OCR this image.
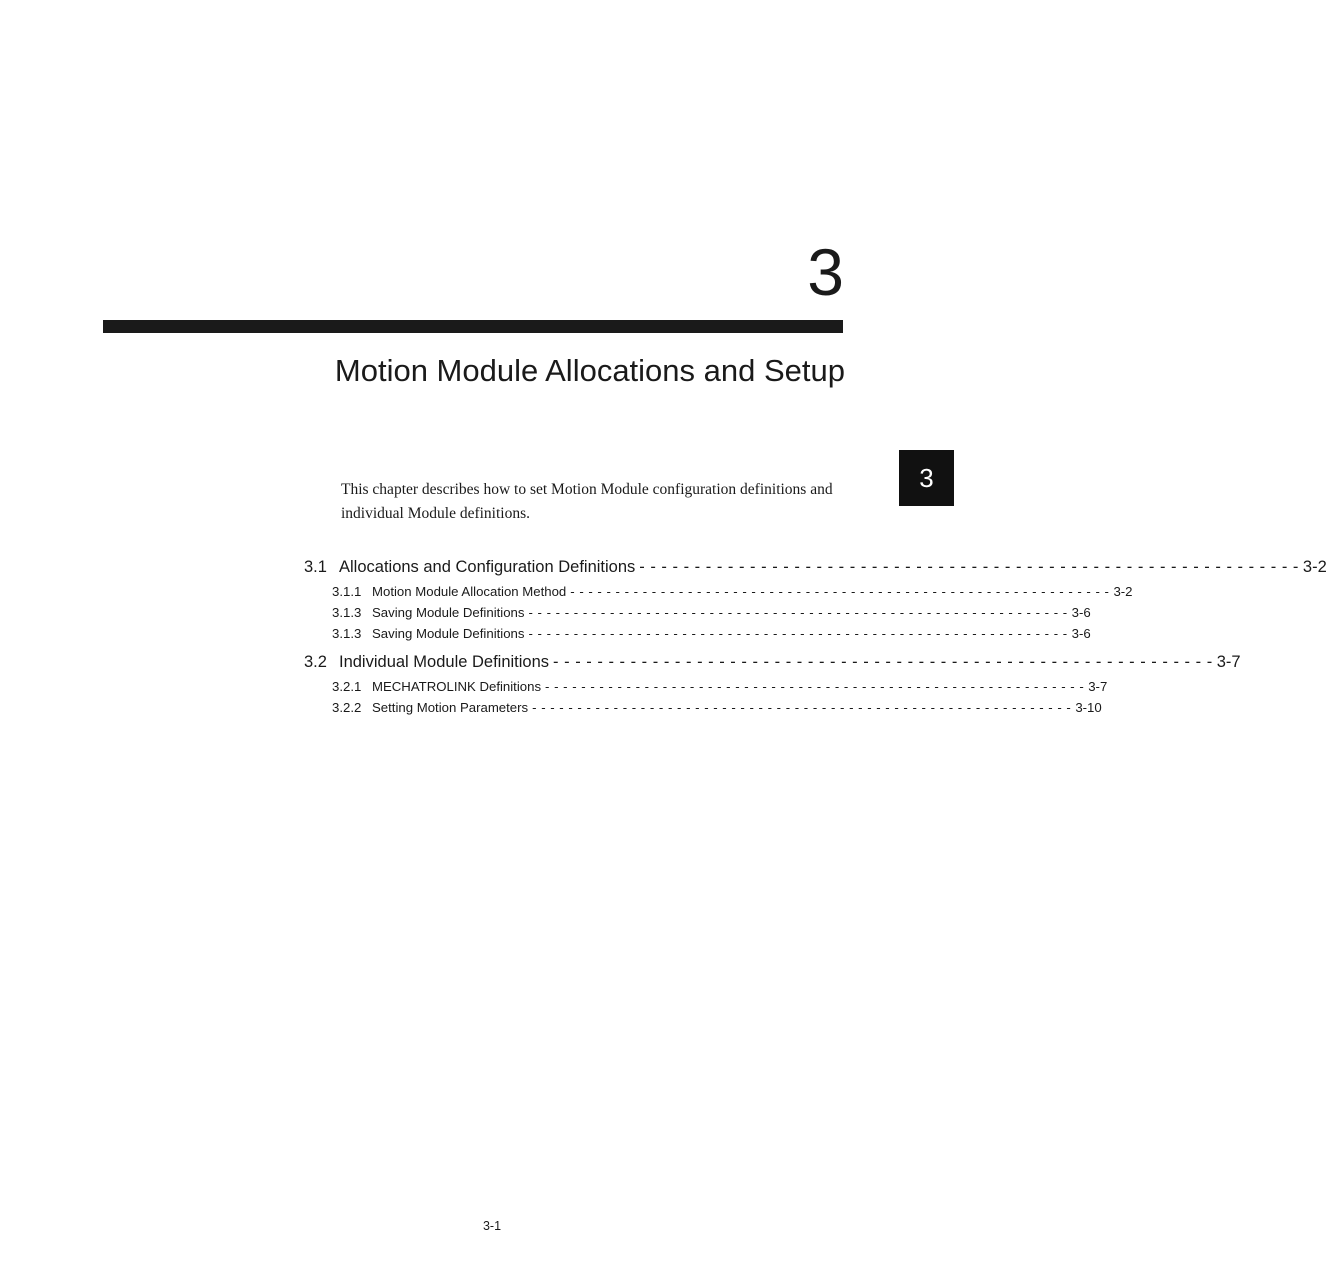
3
Motion Module Allocations and Setup
3

This chapter describes how to set Motion Module configuration definitions and individual Module definitions.

3.1 Allocations and Configuration Definitions - - - - - - - - - - - - - - - - - - - - - - - - - - - - - - - - - - - - - - - - - - - - - - - - - - - - - - - - - - - - 3-2
3.1.1 Motion Module Allocation Method - - - - - - - - - - - - - - - - - - - - - - - - - - - - - - - - - - - - - - - - - - - - - - - - - - - - - - - - - - - - 3-2
3.1.3 Saving Module Definitions - - - - - - - - - - - - - - - - - - - - - - - - - - - - - - - - - - - - - - - - - - - - - - - - - - - - - - - - - - - - 3-6
3.1.3 Saving Module Definitions - - - - - - - - - - - - - - - - - - - - - - - - - - - - - - - - - - - - - - - - - - - - - - - - - - - - - - - - - - - - 3-6
3.2 Individual Module Definitions - - - - - - - - - - - - - - - - - - - - - - - - - - - - - - - - - - - - - - - - - - - - - - - - - - - - - - - - - - - - 3-7
3.2.1 MECHATROLINK Definitions - - - - - - - - - - - - - - - - - - - - - - - - - - - - - - - - - - - - - - - - - - - - - - - - - - - - - - - - - - - - 3-7
3.2.2 Setting Motion Parameters - - - - - - - - - - - - - - - - - - - - - - - - - - - - - - - - - - - - - - - - - - - - - - - - - - - - - - - - - - - - 3-10
3-1
